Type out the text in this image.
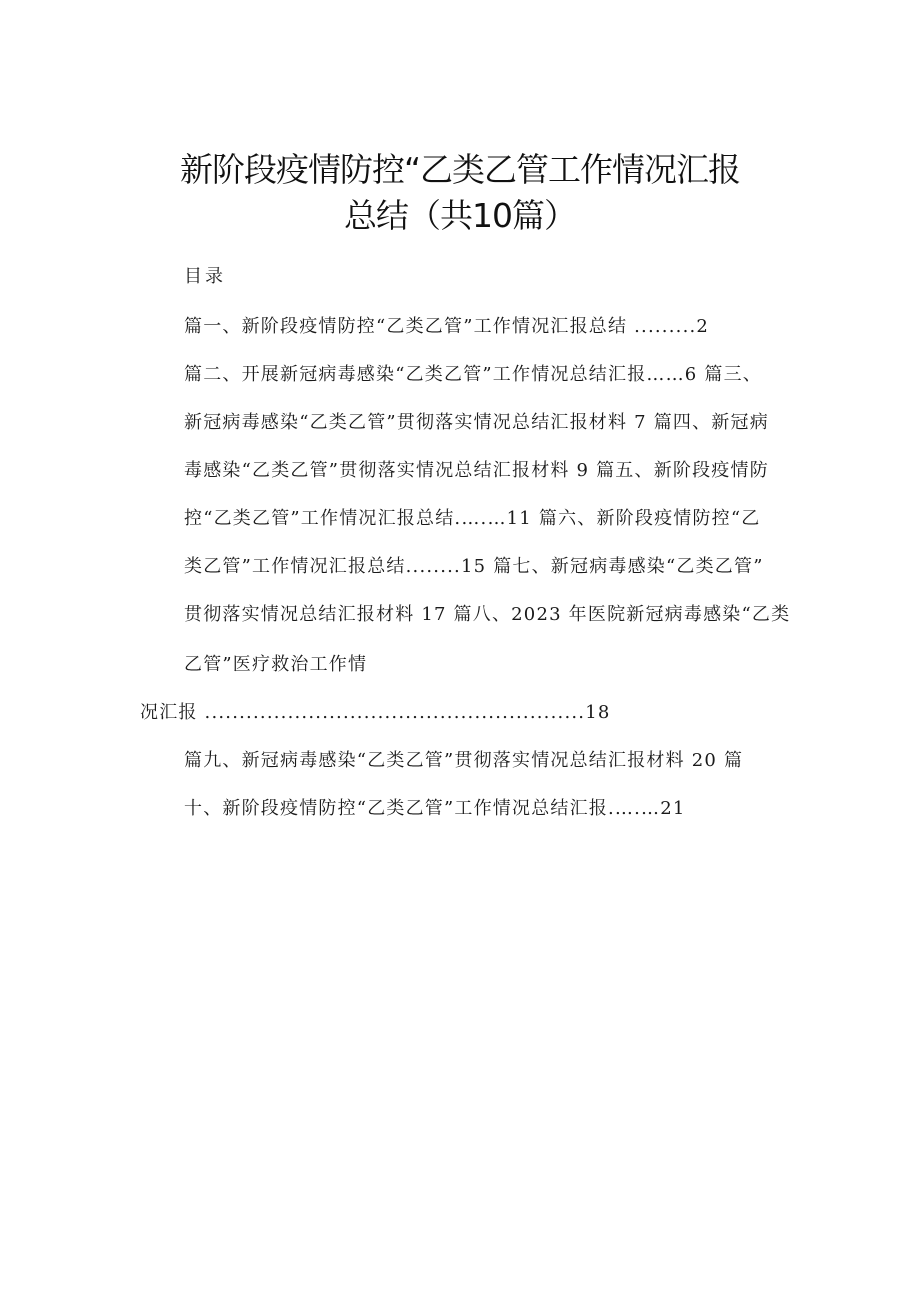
新阶段疫情防控“乙类乙管工作情况汇报
总结（共10篇）
目录
篇一、新阶段疫情防控“乙类乙管”工作情况汇报总结 .........2
篇二、开展新冠病毒感染“乙类乙管”工作情况总结汇报……6 篇三、
新冠病毒感染“乙类乙管”贯彻落实情况总结汇报材料 7 篇四、新冠病
毒感染“乙类乙管”贯彻落实情况总结汇报材料 9 篇五、新阶段疫情防
控“乙类乙管”工作情况汇报总结.….…11 篇六、新阶段疫情防控“乙
类乙管”工作情况汇报总结........15 篇七、新冠病毒感染“乙类乙管”
贯彻落实情况总结汇报材料 17 篇八、2023 年医院新冠病毒感染“乙类
乙管”医疗救治工作情
况汇报 .......................................................18
篇九、新冠病毒感染“乙类乙管”贯彻落实情况总结汇报材料 20 篇
十、新阶段疫情防控“乙类乙管”工作情况总结汇报.….…21
